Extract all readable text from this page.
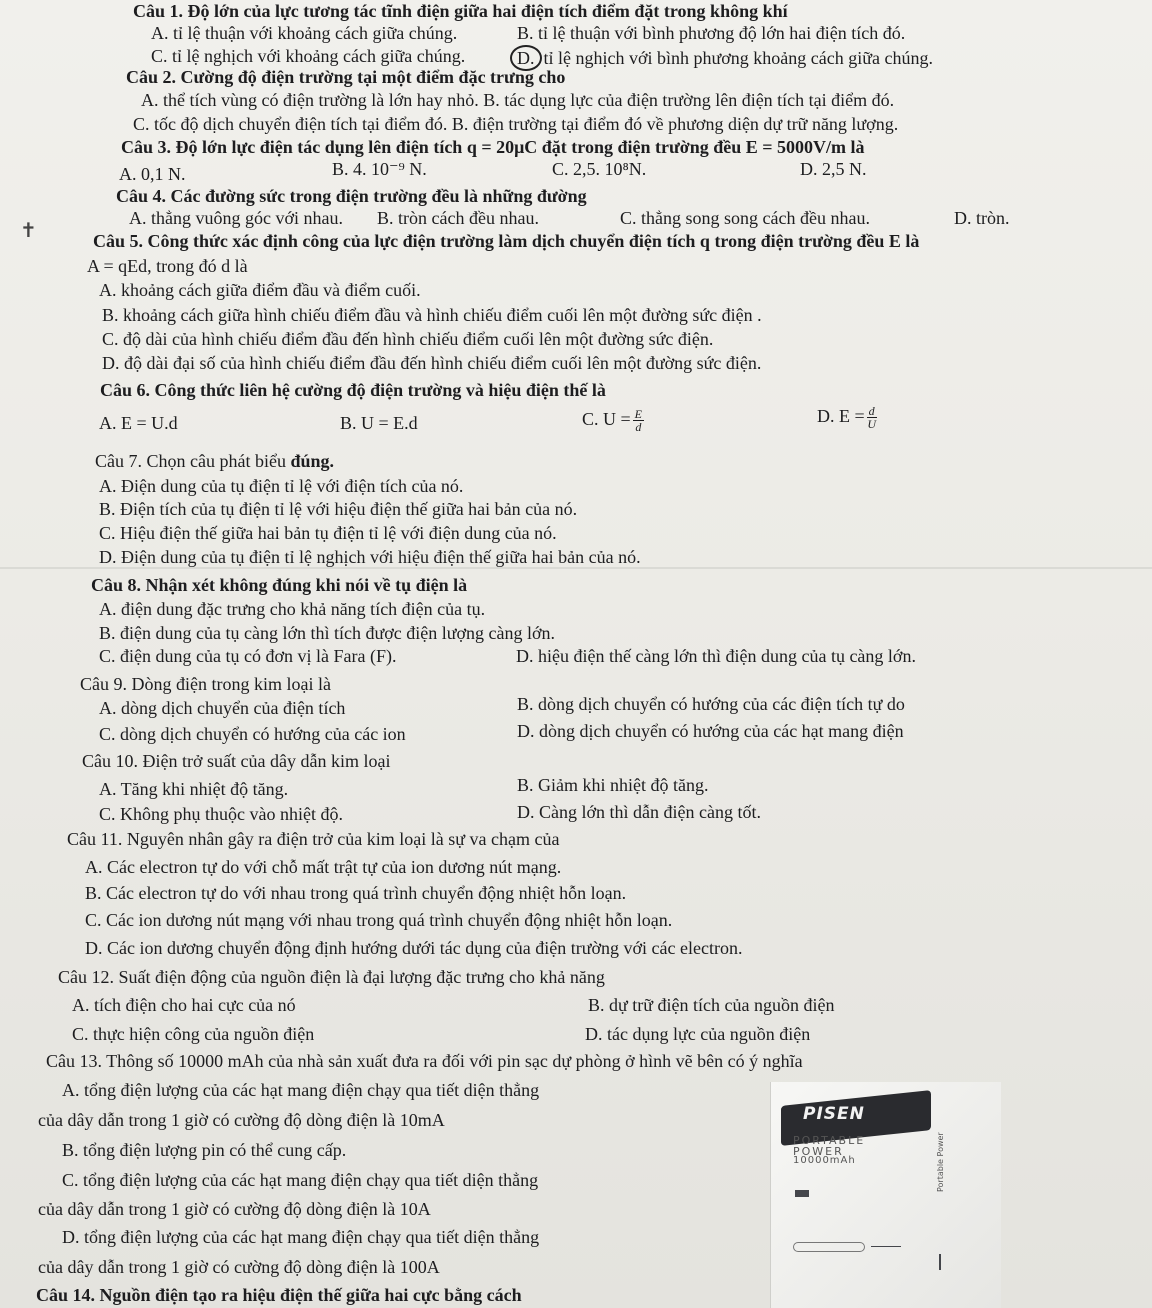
Câu 1. Độ lớn của lực tương tác tĩnh điện giữa hai điện tích điểm đặt trong không khí
A. tỉ lệ thuận với khoảng cách giữa chúng.	B. tỉ lệ thuận với bình phương độ lớn hai điện tích đó.
C. tỉ lệ nghịch với khoảng cách giữa chúng.	D. tỉ lệ nghịch với bình phương khoảng cách giữa chúng.
Câu 2. Cường độ điện trường tại một điểm đặc trưng cho
A. thể tích vùng có điện trường là lớn hay nhỏ. B. tác dụng lực của điện trường lên điện tích tại điểm đó.
C. tốc độ dịch chuyển điện tích tại điểm đó. B. điện trường tại điểm đó về phương diện dự trữ năng lượng.
Câu 3. Độ lớn lực điện tác dụng lên điện tích q = 20μC đặt trong điện trường đều E = 5000V/m là
A. 0,1 N.	B. 4. 10⁻⁹ N.	C. 2,5. 10⁸N.	D. 2,5 N.
Câu 4. Các đường sức trong điện trường đều là những đường
A. thẳng vuông góc với nhau. B. tròn cách đều nhau.	C. thẳng song song cách đều nhau.	D. tròn.
Câu 5. Công thức xác định công của lực điện trường làm dịch chuyển điện tích q trong điện trường đều E là
A = qEd, trong đó d là
A. khoảng cách giữa điểm đầu và điểm cuối.
B. khoảng cách giữa hình chiếu điểm đầu và hình chiếu điểm cuối lên một đường sức điện .
C. độ dài của hình chiếu điểm đầu đến hình chiếu điểm cuối lên một đường sức điện.
D. độ dài đại số của hình chiếu điểm đầu đến hình chiếu điểm cuối lên một đường sức điện.
Câu 6. Công thức liên hệ cường độ điện trường và hiệu điện thế là
A. E = U.d	B. U = E.d	C. $U = \frac{E}{d}$	D. $E = \frac{d}{U}$
Câu 7. Chọn câu phát biểu đúng.
A. Điện dung của tụ điện tỉ lệ với điện tích của nó.
B. Điện tích của tụ điện tỉ lệ với hiệu điện thế giữa hai bản của nó.
C. Hiệu điện thế giữa hai bản tụ điện tỉ lệ với điện dung của nó.
D. Điện dung của tụ điện tỉ lệ nghịch với hiệu điện thế giữa hai bản của nó.
Câu 8. Nhận xét không đúng khi nói về tụ điện là
A. điện dung đặc trưng cho khả năng tích điện của tụ.
B. điện dung của tụ càng lớn thì tích được điện lượng càng lớn.
C. điện dung của tụ có đơn vị là Fara (F).	D. hiệu điện thế càng lớn thì điện dung của tụ càng lớn.
Câu 9. Dòng điện trong kim loại là
A. dòng dịch chuyển của điện tích	B. dòng dịch chuyển có hướng của các điện tích tự do
C. dòng dịch chuyển có hướng của các ion	D. dòng dịch chuyển có hướng của các hạt mang điện
Câu 10. Điện trở suất của dây dẫn kim loại
A. Tăng khi nhiệt độ tăng.	B. Giảm khi nhiệt độ tăng.
C. Không phụ thuộc vào nhiệt độ.	D. Càng lớn thì dẫn điện càng tốt.
Câu 11. Nguyên nhân gây ra điện trở của kim loại là sự va chạm của
A. Các electron tự do với chỗ mất trật tự của ion dương nút mạng.
B. Các electron tự do với nhau trong quá trình chuyển động nhiệt hỗn loạn.
C. Các ion dương nút mạng với nhau trong quá trình chuyển động nhiệt hỗn loạn.
D. Các ion dương chuyển động định hướng dưới tác dụng của điện trường với các electron.
Câu 12. Suất điện động của nguồn điện là đại lượng đặc trưng cho khả năng
A. tích điện cho hai cực của nó	B. dự trữ điện tích của nguồn điện
C. thực hiện công của nguồn điện	D. tác dụng lực của nguồn điện
Câu 13. Thông số 10000 mAh của nhà sản xuất đưa ra đối với pin sạc dự phòng ở hình vẽ bên có ý nghĩa
A. tổng điện lượng của các hạt mang điện chạy qua tiết diện thẳng
của dây dẫn trong 1 giờ có cường độ dòng điện là 10mA
B. tổng điện lượng pin có thể cung cấp.
C. tổng điện lượng của các hạt mang điện chạy qua tiết diện thẳng
của dây dẫn trong 1 giờ có cường độ dòng điện là 10A
D. tổng điện lượng của các hạt mang điện chạy qua tiết diện thẳng
của dây dẫn trong 1 giờ có cường độ dòng điện là 100A
Câu 14. Nguồn điện tạo ra hiệu điện thế giữa hai cực bằng cách
PISEN
PORTABLE
POWER
10000mAh	Portable Power
✝
